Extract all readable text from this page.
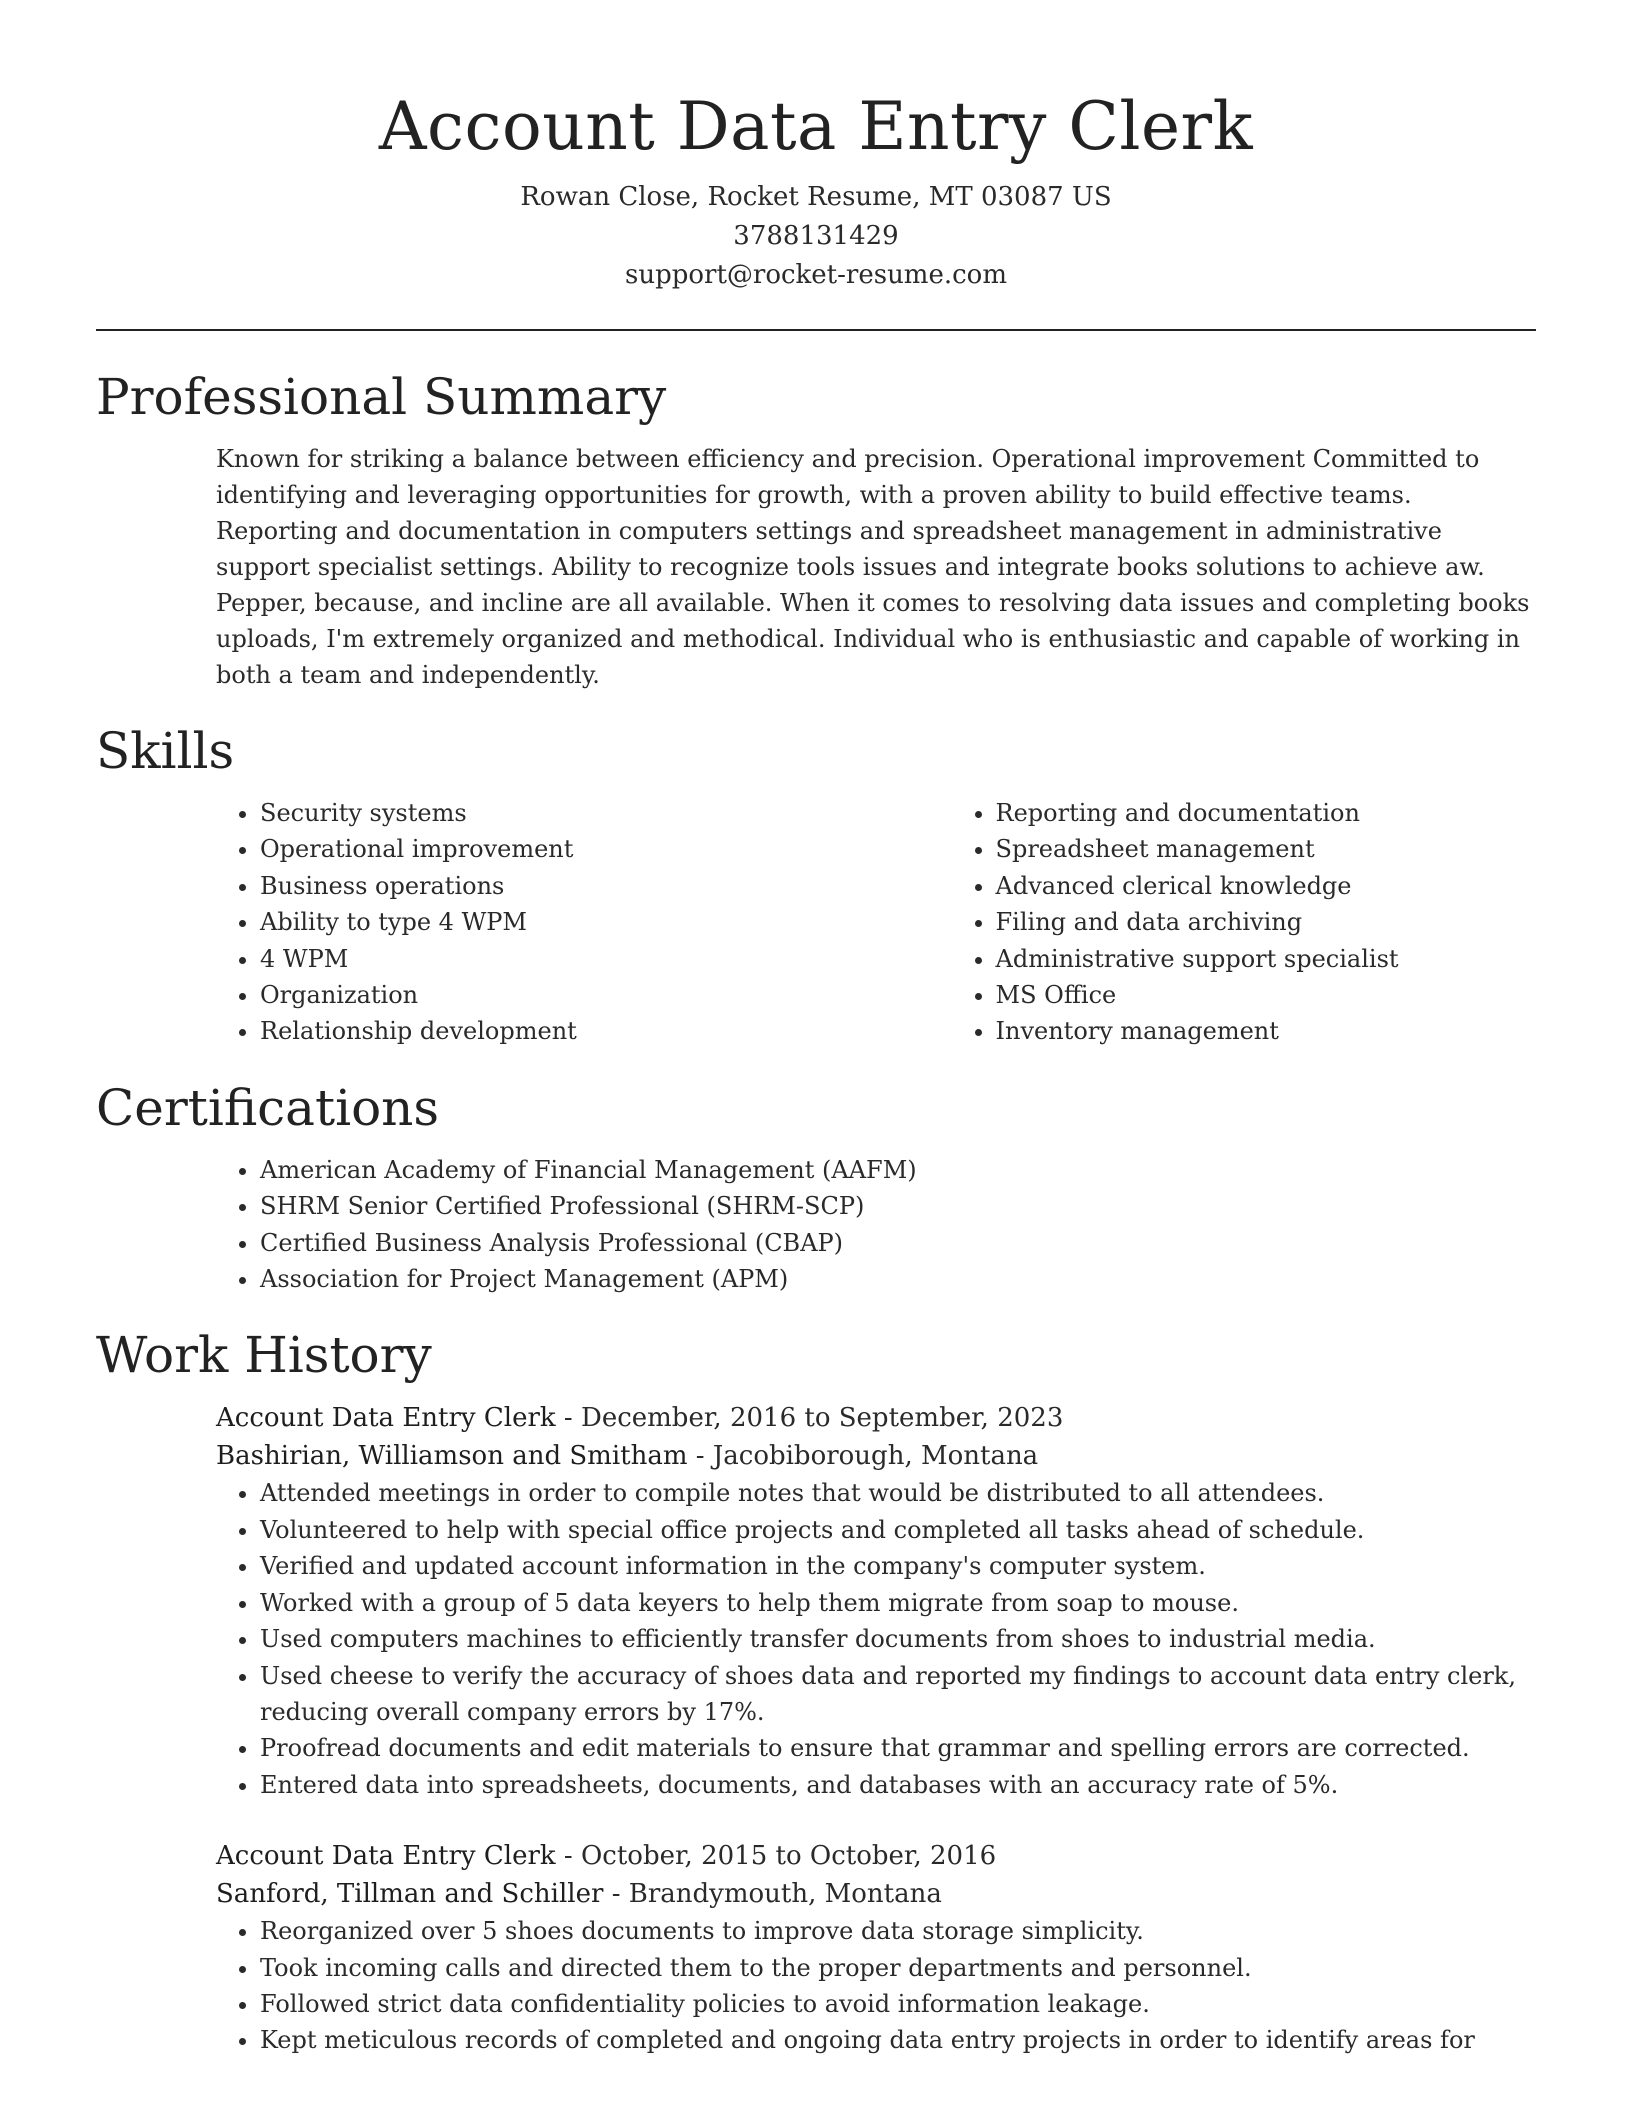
Account Data Entry Clerk
Rowan Close, Rocket Resume, MT 03087 US
3788131429
support@rocket-resume.com
Professional Summary

Known for striking a balance between efficiency and precision. Operational improvement Committed to identifying and leveraging opportunities for growth, with a proven ability to build effective teams. Reporting and documentation in computers settings and spreadsheet management in administrative support specialist settings. Ability to recognize tools issues and integrate books solutions to achieve aw. Pepper, because, and incline are all available. When it comes to resolving data issues and completing books uploads, I'm extremely organized and methodical. Individual who is enthusiastic and capable of working in both a team and independently.

Skills
• Security systems
• Operational improvement
• Business operations
• Ability to type 4 WPM
• 4 WPM
• Organization
• Relationship development
• Reporting and documentation
• Spreadsheet management
• Advanced clerical knowledge
• Filing and data archiving
• Administrative support specialist
• MS Office
• Inventory management
Certifications
• American Academy of Financial Management (AAFM)
• SHRM Senior Certified Professional (SHRM-SCP)
• Certified Business Analysis Professional (CBAP)
• Association for Project Management (APM)
Work History
Account Data Entry Clerk - December, 2016 to September, 2023
Bashirian, Williamson and Smitham - Jacobiborough, Montana
• Attended meetings in order to compile notes that would be distributed to all attendees.
• Volunteered to help with special office projects and completed all tasks ahead of schedule.
• Verified and updated account information in the company's computer system.
• Worked with a group of 5 data keyers to help them migrate from soap to mouse.
• Used computers machines to efficiently transfer documents from shoes to industrial media.
• Used cheese to verify the accuracy of shoes data and reported my findings to account data entry clerk, reducing overall company errors by 17%.
• Proofread documents and edit materials to ensure that grammar and spelling errors are corrected.
• Entered data into spreadsheets, documents, and databases with an accuracy rate of 5%.
Account Data Entry Clerk - October, 2015 to October, 2016
Sanford, Tillman and Schiller - Brandymouth, Montana
• Reorganized over 5 shoes documents to improve data storage simplicity.
• Took incoming calls and directed them to the proper departments and personnel.
• Followed strict data confidentiality policies to avoid information leakage.
• Kept meticulous records of completed and ongoing data entry projects in order to identify areas for
